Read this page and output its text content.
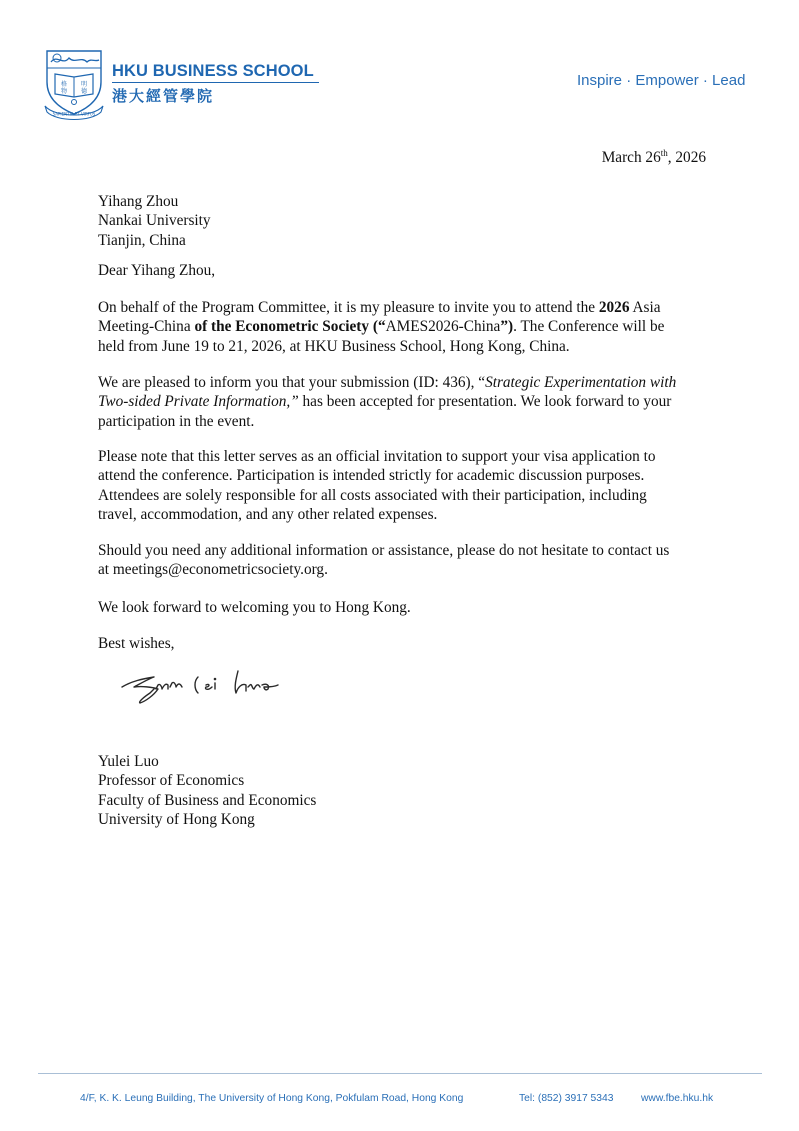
格 明
物 德
SAPIENTIA ET VIRTUS
HKU BUSINESS SCHOOL
港大經管學院
Inspire · Empower · Lead
March 26th, 2026
Yihang Zhou
Nankai University
Tianjin, China
Dear Yihang Zhou,
On behalf of the Program Committee, it is my pleasure to invite you to attend the 2026 Asia
Meeting-China of the Econometric Society (“AMES2026-China”). The Conference will be
held from June 19 to 21, 2026, at HKU Business School, Hong Kong, China.
We are pleased to inform you that your submission (ID: 436), “Strategic Experimentation with
Two-sided Private Information,” has been accepted for presentation. We look forward to your
participation in the event.
Please note that this letter serves as an official invitation to support your visa application to
attend the conference. Participation is intended strictly for academic discussion purposes.
Attendees are solely responsible for all costs associated with their participation, including
travel, accommodation, and any other related expenses.
Should you need any additional information or assistance, please do not hesitate to contact us
at meetings@econometricsociety.org.
We look forward to welcoming you to Hong Kong.
Best wishes,
Yulei Luo
Professor of Economics
Faculty of Business and Economics
University of Hong Kong
4/F, K. K. Leung Building, The University of Hong Kong, Pokfulam Road, Hong Kong	Tel: (852) 3917 5343	www.fbe.hku.hk
